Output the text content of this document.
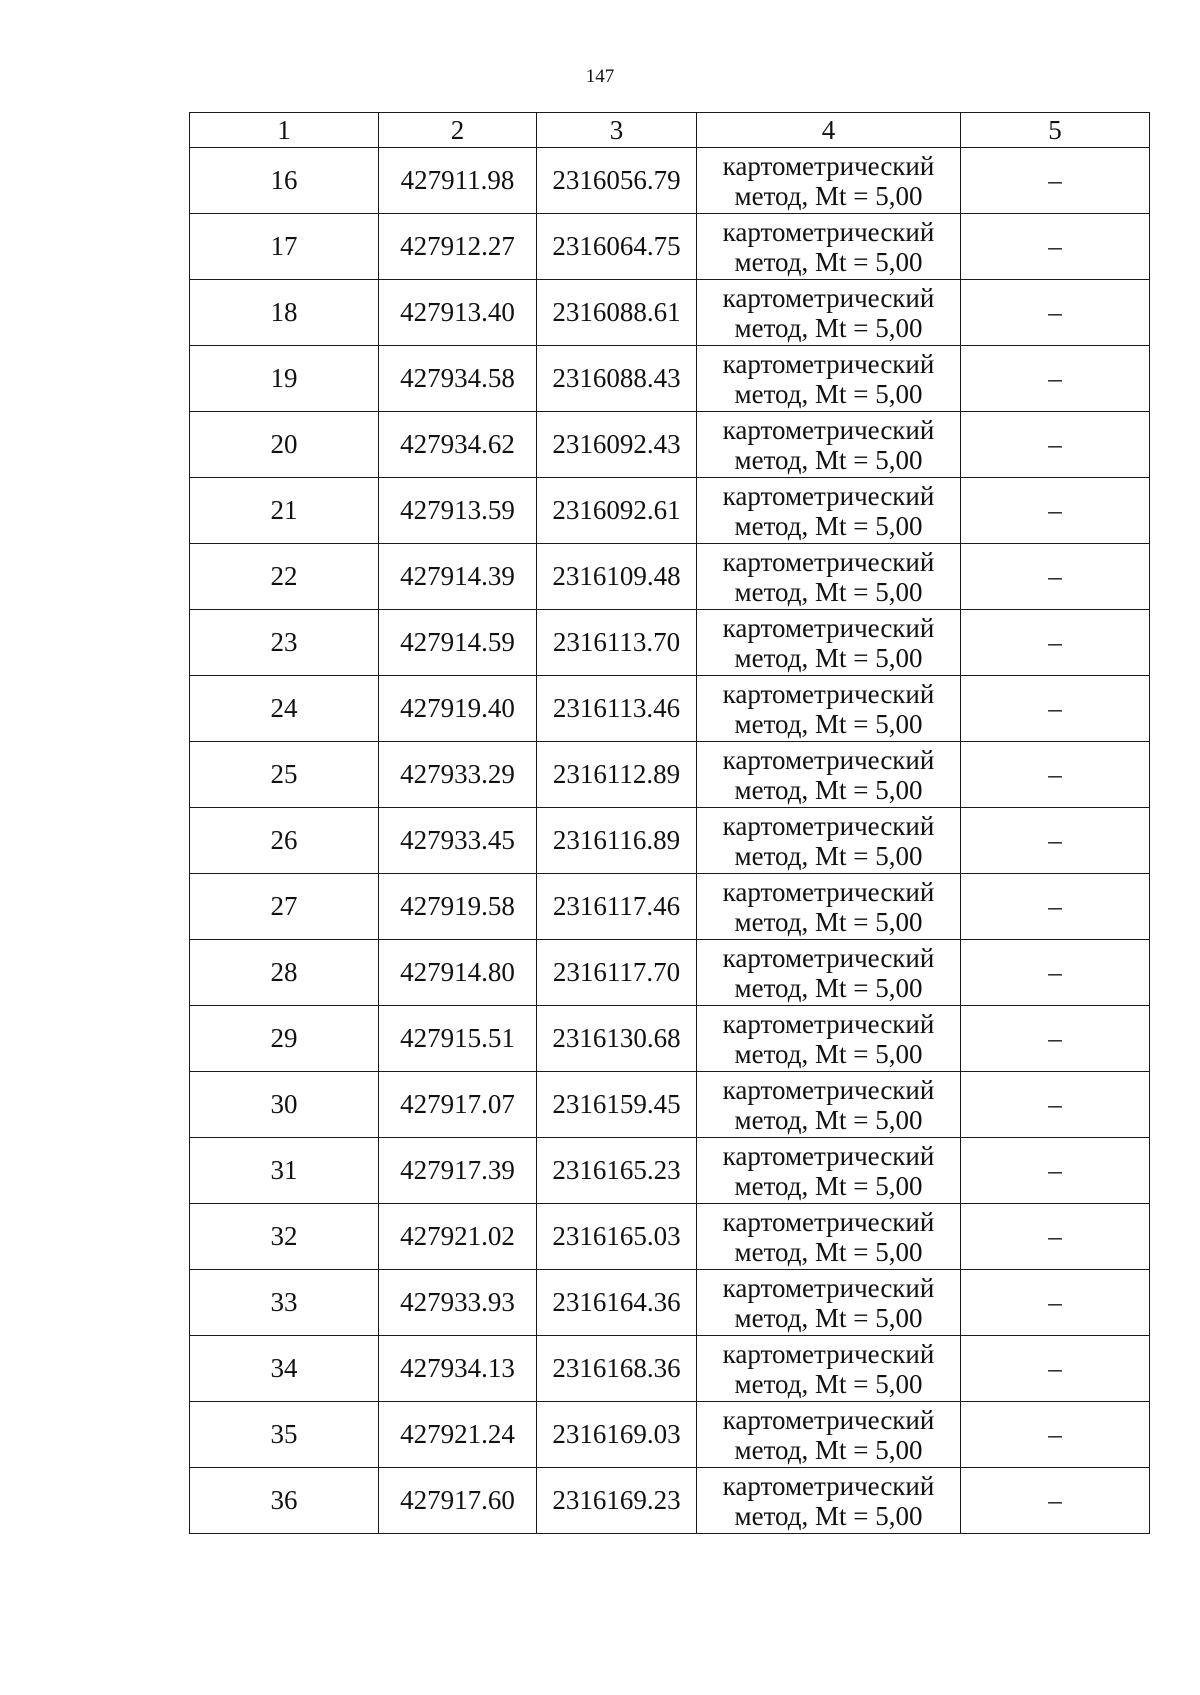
147
1	2	3	4	5
16	427911.98	2316056.79	картометрический
метод, Mt = 5,00	–
17	427912.27	2316064.75	картометрический
метод, Mt = 5,00	–
18	427913.40	2316088.61	картометрический
метод, Mt = 5,00	–
19	427934.58	2316088.43	картометрический
метод, Mt = 5,00	–
20	427934.62	2316092.43	картометрический
метод, Mt = 5,00	–
21	427913.59	2316092.61	картометрический
метод, Mt = 5,00	–
22	427914.39	2316109.48	картометрический
метод, Mt = 5,00	–
23	427914.59	2316113.70	картометрический
метод, Mt = 5,00	–
24	427919.40	2316113.46	картометрический
метод, Mt = 5,00	–
25	427933.29	2316112.89	картометрический
метод, Mt = 5,00	–
26	427933.45	2316116.89	картометрический
метод, Mt = 5,00	–
27	427919.58	2316117.46	картометрический
метод, Mt = 5,00	–
28	427914.80	2316117.70	картометрический
метод, Mt = 5,00	–
29	427915.51	2316130.68	картометрический
метод, Mt = 5,00	–
30	427917.07	2316159.45	картометрический
метод, Mt = 5,00	–
31	427917.39	2316165.23	картометрический
метод, Mt = 5,00	–
32	427921.02	2316165.03	картометрический
метод, Mt = 5,00	–
33	427933.93	2316164.36	картометрический
метод, Mt = 5,00	–
34	427934.13	2316168.36	картометрический
метод, Mt = 5,00	–
35	427921.24	2316169.03	картометрический
метод, Mt = 5,00	–
36	427917.60	2316169.23	картометрический
метод, Mt = 5,00	–
